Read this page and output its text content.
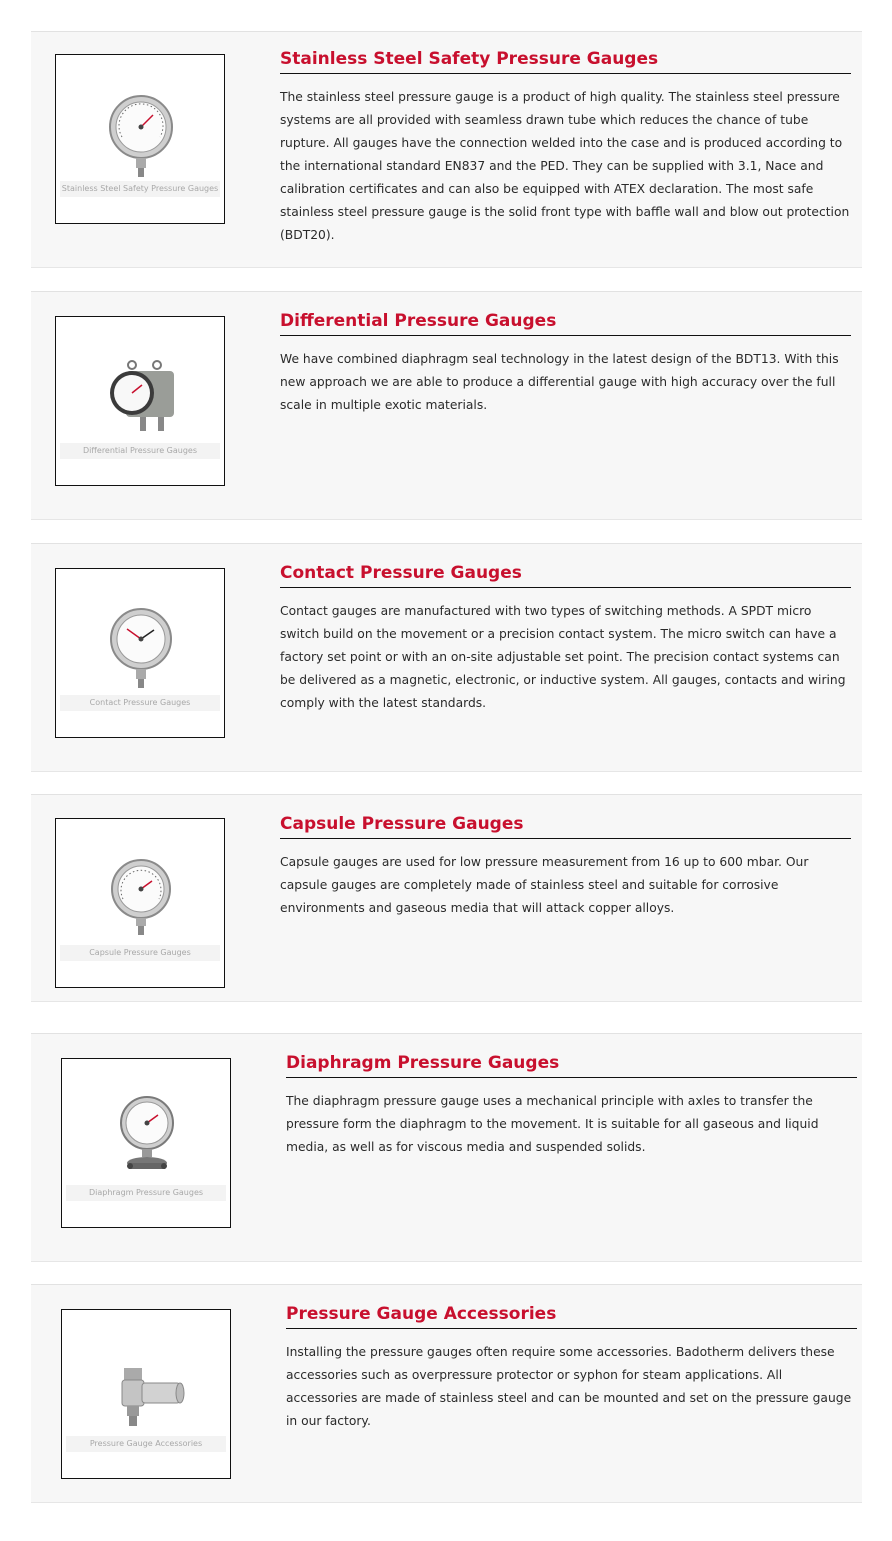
Stainless Steel Safety Pressure Gauges
Stainless Steel Safety Pressure Gauges

The stainless steel pressure gauge is a product of high quality. The stainless steel pressure systems are all provided with seamless drawn tube which reduces the chance of tube rupture. All gauges have the connection welded into the case and is produced according to the international standard EN837 and the PED. They can be supplied with 3.1, Nace and calibration certificates and can also be equipped with ATEX declaration. The most safe stainless steel pressure gauge is the solid front type with baffle wall and blow out protection (BDT20).

Differential Pressure Gauges
Differential Pressure Gauges

We have combined diaphragm seal technology in the latest design of the BDT13. With this new approach we are able to produce a differential gauge with high accuracy over the full scale in multiple exotic materials.

Contact Pressure Gauges
Contact Pressure Gauges

Contact gauges are manufactured with two types of switching methods. A SPDT micro switch build on the movement or a precision contact system. The micro switch can have a factory set point or with an on-site adjustable set point. The precision contact systems can be delivered as a magnetic, electronic, or inductive system. All gauges, contacts and wiring comply with the latest standards.

Capsule Pressure Gauges
Capsule Pressure Gauges

Capsule gauges are used for low pressure measurement from 16 up to 600 mbar. Our capsule gauges are completely made of stainless steel and suitable for corrosive environments and gaseous media that will attack copper alloys.

Diaphragm Pressure Gauges
Diaphragm Pressure Gauges

The diaphragm pressure gauge uses a mechanical principle with axles to transfer the pressure form the diaphragm to the movement. It is suitable for all gaseous and liquid media, as well as for viscous media and suspended solids.

Pressure Gauge Accessories
Pressure Gauge Accessories

Installing the pressure gauges often require some accessories. Badotherm delivers these accessories such as overpressure protector or syphon for steam applications. All accessories are made of stainless steel and can be mounted and set on the pressure gauge in our factory.
